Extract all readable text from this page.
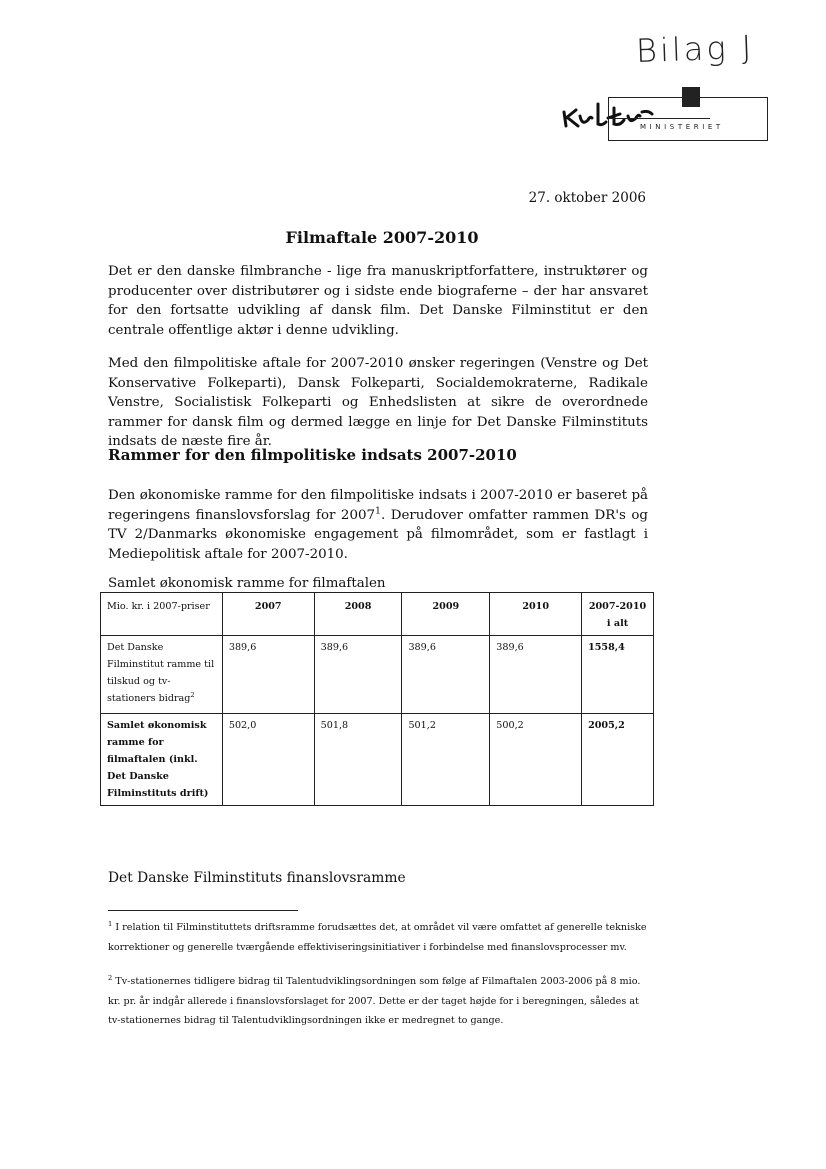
Bilag J
MINISTERIET
27. oktober 2006
Filmaftale 2007-2010
Det er den danske filmbranche - lige fra manuskriptforfattere, instruktører og producenter over distributører og i sidste ende biograferne – der har ansvaret for den fortsatte udvikling af dansk film. Det Danske Filminstitut er den centrale offentlige aktør i denne udvikling.
Med den filmpolitiske aftale for 2007-2010 ønsker regeringen (Venstre og Det Konservative Folkeparti), Dansk Folkeparti, Socialdemokraterne, Radikale Venstre, Socialistisk Folkeparti og Enhedslisten at sikre de overordnede rammer for dansk film og dermed lægge en linje for Det Danske Filminstituts indsats de næste fire år.
Rammer for den filmpolitiske indsats 2007-2010
Den økonomiske ramme for den filmpolitiske indsats i 2007-2010 er baseret på regeringens finanslovsforslag for 2007$^1$. Derudover omfatter rammen DR's og TV 2/Danmarks økonomiske engagement på filmområdet, som er fastlagt i Mediepolitisk aftale for 2007-2010.
Samlet økonomisk ramme for filmaftalen
Mio. kr. i 2007-priser	2007	2008	2009	2010	2007-2010 i alt
Det Danske Filminstitut ramme til tilskud og tv-stationers bidrag$^2$	389,6	389,6	389,6	389,6	1558,4
Samlet økonomisk ramme for filmaftalen (inkl. Det Danske Filminstituts drift)	502,0	501,8	501,2	500,2	2005,2
Det Danske Filminstituts finanslovsramme
$^1$ I relation til Filminstituttets driftsramme forudsættes det, at området vil være omfattet af generelle tekniske korrektioner og generelle tværgående effektiviseringsinitiativer i forbindelse med finanslovsprocesser mv.
$^2$ Tv-stationernes tidligere bidrag til Talentudviklingsordningen som følge af Filmaftalen 2003-2006 på 8 mio. kr. pr. år indgår allerede i finanslovsforslaget for 2007. Dette er der taget højde for i beregningen, således at tv-stationernes bidrag til Talentudviklingsordningen ikke er medregnet to gange.
